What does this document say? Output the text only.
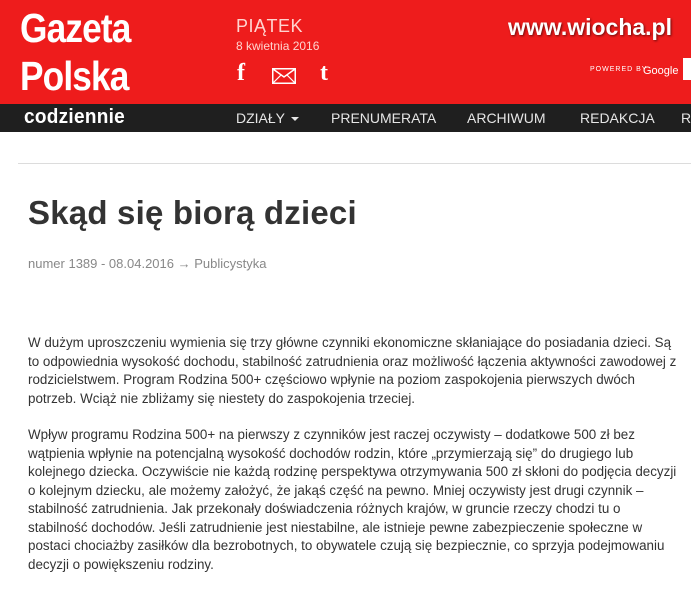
Gazeta
Polska
PIĄTEK
8 kwietnia 2016
f	t
www.wiocha.pl
POWERED BY
Google
codziennie	DZIAŁY	PRENUMERATA ARCHIWUM REDAKCJA R
Skąd się biorą dzieci
numer 1389 - 08.04.2016 → Publicystyka

W dużym uproszczeniu wymienia się trzy główne czynniki ekonomiczne skłaniające do posiadania dzieci. Są to odpowiednia wysokość dochodu, stabilność zatrudnienia oraz możliwość łączenia aktywności zawodowej z rodzicielstwem. Program Rodzina 500+ częściowo wpłynie na poziom zaspokojenia pierwszych dwóch potrzeb. Wciąż nie zbliżamy się niestety do zaspokojenia trzeciej.

Wpływ programu Rodzina 500+ na pierwszy z czynników jest raczej oczywisty – dodatkowe 500 zł bez wątpienia wpłynie na potencjalną wysokość dochodów rodzin, które „przymierzają się” do drugiego lub kolejnego dziecka. Oczywiście nie każdą rodzinę perspektywa otrzymywania 500 zł skłoni do podjęcia decyzji o kolejnym dziecku, ale możemy założyć, że jakąś część na pewno. Mniej oczywisty jest drugi czynnik – stabilność zatrudnienia. Jak przekonały doświadczenia różnych krajów, w gruncie rzeczy chodzi tu o stabilność dochodów. Jeśli zatrudnienie jest niestabilne, ale istnieje pewne zabezpieczenie społeczne w postaci chociażby zasiłków dla bezrobotnych, to obywatele czują się bezpiecznie, co sprzyja podejmowaniu decyzji o powiększeniu rodziny.
